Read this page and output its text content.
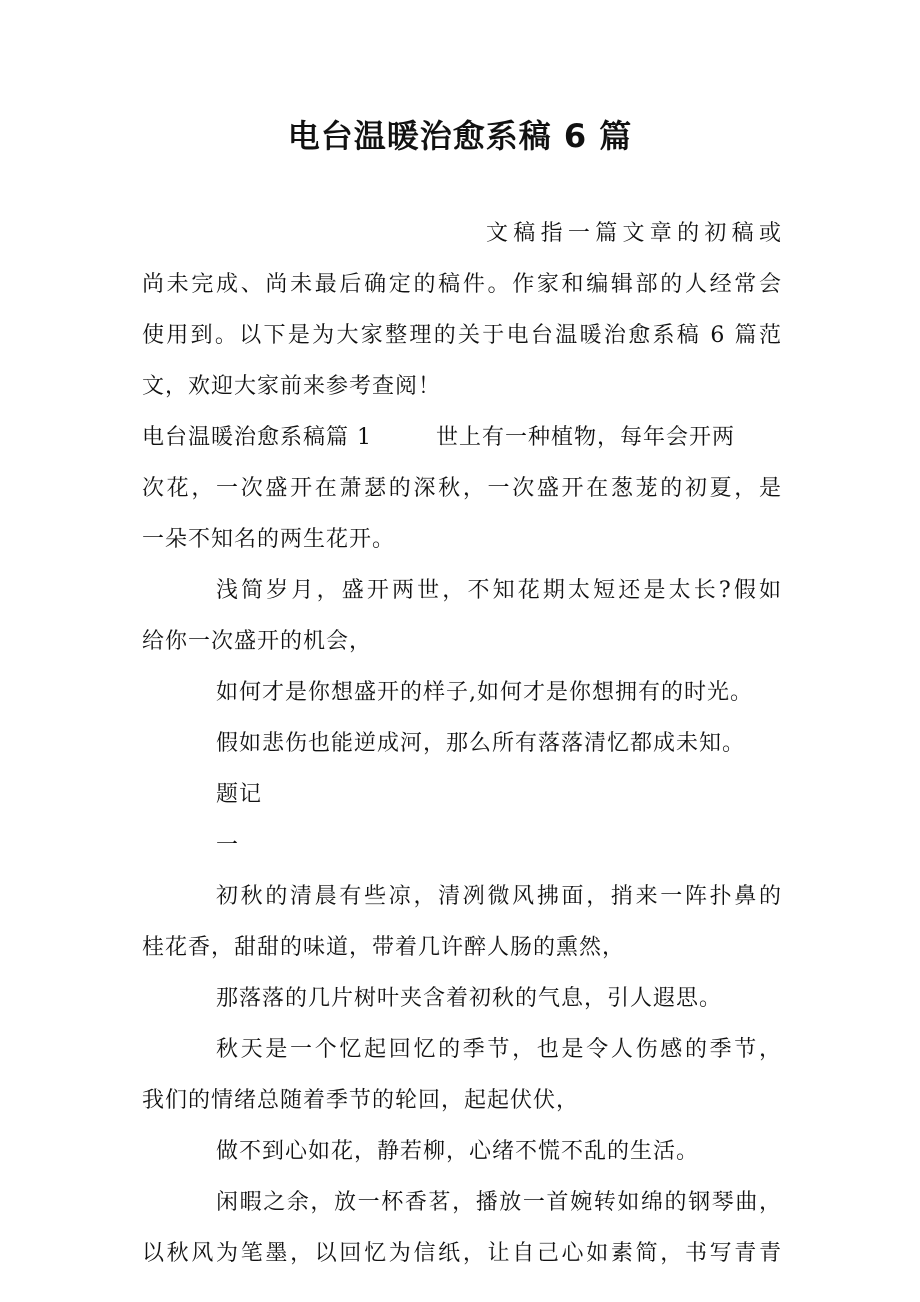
电台温暖治愈系稿 6 篇

文稿指一篇文章的初稿或

尚未完成、尚未最后确定的稿件。作家和编辑部的人经常会

使用到。以下是为大家整理的关于电台温暖治愈系稿 6 篇范

文，欢迎大家前来参考查阅！

电台温暖治愈系稿篇 1	世上有一种植物，每年会开两

次花，一次盛开在萧瑟的深秋，一次盛开在葱茏的初夏，是

一朵不知名的两生花开。

浅简岁月，盛开两世，不知花期太短还是太长?假如

给你一次盛开的机会，

如何才是你想盛开的样子,如何才是你想拥有的时光。

假如悲伤也能逆成河，那么所有落落清忆都成未知。

题记

一

初秋的清晨有些凉，清冽微风拂面，捎来一阵扑鼻的

桂花香，甜甜的味道，带着几许醉人肠的熏然，

那落落的几片树叶夹含着初秋的气息，引人遐思。

秋天是一个忆起回忆的季节，也是令人伤感的季节，

我们的情绪总随着季节的轮回，起起伏伏，

做不到心如花，静若柳，心绪不慌不乱的生活。

闲暇之余，放一杯香茗，播放一首婉转如绵的钢琴曲，

以秋风为笔墨，以回忆为信纸，让自己心如素简，书写青青
